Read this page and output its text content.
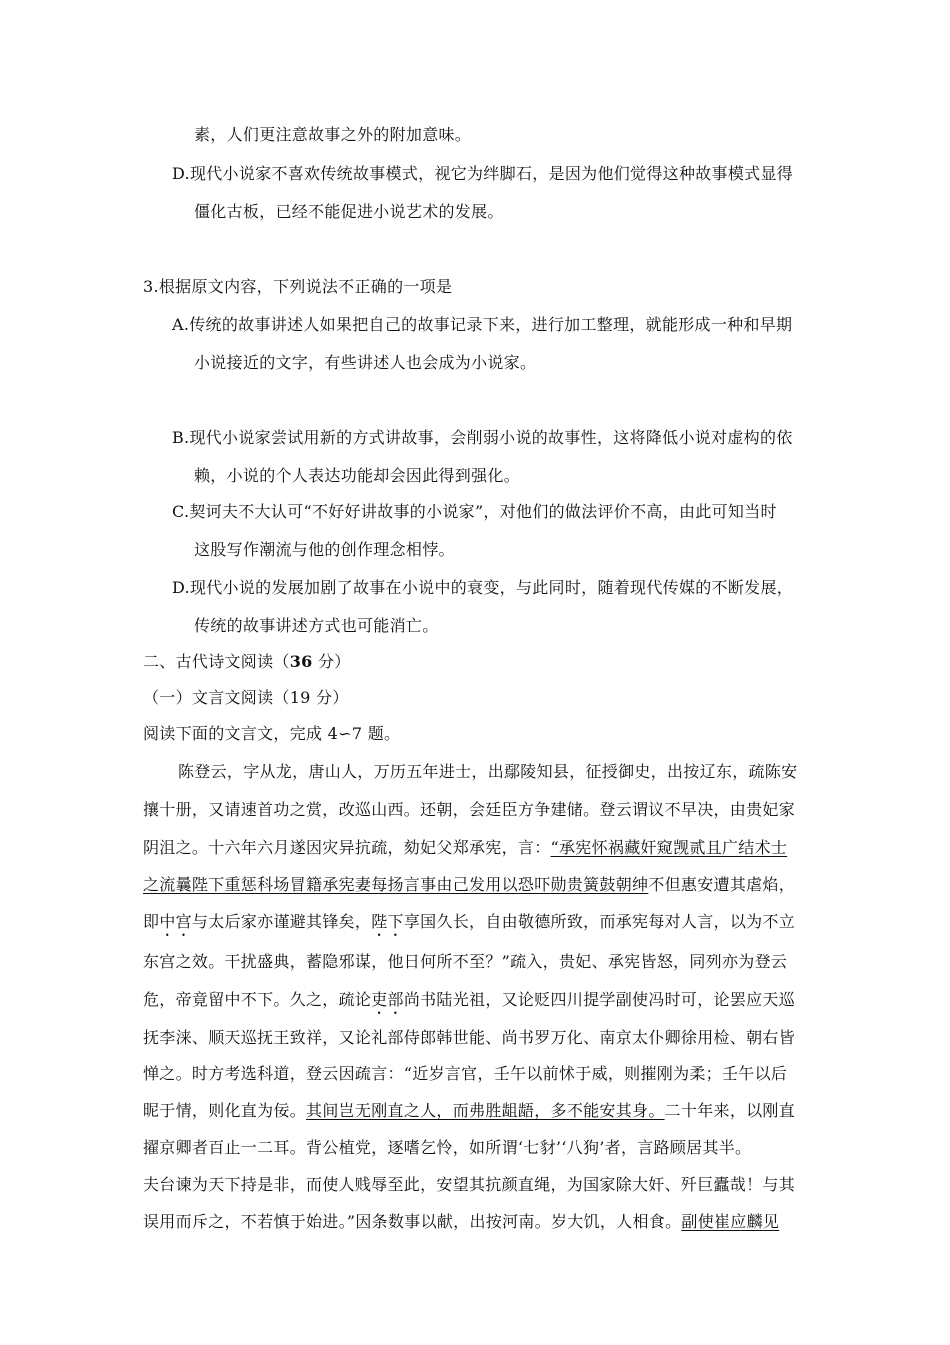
素，人们更注意故事之外的附加意味。
D.现代小说家不喜欢传统故事模式，视它为绊脚石，是因为他们觉得这种故事模式显得
僵化古板，已经不能促进小说艺术的发展。
3.根据原文内容，下列说法不正确的一项是
A.传统的故事讲述人如果把自己的故事记录下来，进行加工整理，就能形成一种和早期
小说接近的文字，有些讲述人也会成为小说家。
B.现代小说家尝试用新的方式讲故事，会削弱小说的故事性，这将降低小说对虚构的依
赖，小说的个人表达功能却会因此得到强化。
C.契诃夫不大认可“不好好讲故事的小说家”，对他们的做法评价不高，由此可知当时
这股写作潮流与他的创作理念相悖。
D.现代小说的发展加剧了故事在小说中的衰变，与此同时，随着现代传媒的不断发展，
传统的故事讲述方式也可能消亡。
二、古代诗文阅读（36 分）
（一）文言文阅读（19 分）
阅读下面的文言文，完成 4∽7 题。
陈登云，字从龙，唐山人，万历五年进士，出鄢陵知县，征授御史，出按辽东，疏陈安
攘十册，又请速首功之赏，改巡山西。还朝，会廷臣方争建储。登云谓议不早决，由贵妃家
阴沮之。十六年六月遂因灾异抗疏，劾妃父郑承宪，言：“承宪怀祸藏奸窥觊贰且广结术士
之流曩陛下重惩科场冒籍承宪妻每扬言事由己发用以恐吓勋贵簧鼓朝绅不但惠安遭其虐焰，
即中宫与太后家亦谨避其锋矣，陛下享国久长，自由敬德所致，而承宪每对人言，以为不立
东宫之效。干扰盛典，蓄隐邪谋，他日何所不至？”疏入，贵妃、承宪皆怒，同列亦为登云
危，帝竟留中不下。久之，疏论吏部尚书陆光祖，又论贬四川提学副使冯时可，论罢应天巡
抚李涞、顺天巡抚王致祥，又论礼部侍郎韩世能、尚书罗万化、南京太仆卿徐用检、朝右皆
惮之。时方考选科道，登云因疏言：“近岁言官，壬午以前怵于威，则摧刚为柔；壬午以后
昵于情，则化直为佞。其间岂无刚直之人，而弗胜龃龉，多不能安其身。二十年来，以刚直
擢京卿者百止一二耳。背公植党，逐嗜乞怜，如所谓‘七豺’‘八狗’者，言路顾居其半。
夫台谏为天下持是非，而使人贱辱至此，安望其抗颜直绳，为国家除大奸、歼巨蠹哉！与其
误用而斥之，不若慎于始进。”因条数事以献，出按河南。岁大饥，人相食。副使崔应麟见
